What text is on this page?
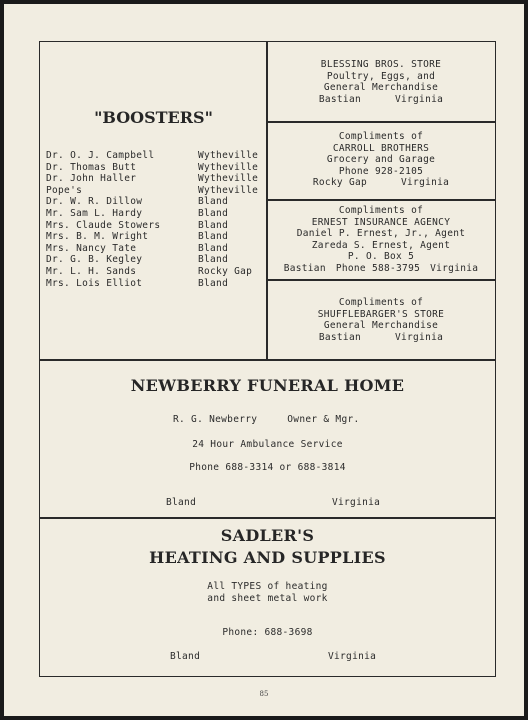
"BOOSTERS"
Dr. O. J. Campbell	Wytheville
Dr. Thomas Butt	Wytheville
Dr. John Haller	Wytheville
Pope's	Wytheville
Dr. W. R. Dillow	Bland
Mr. Sam L. Hardy	Bland
Mrs. Claude Stowers	Bland
Mrs. B. M. Wright	Bland
Mrs. Nancy Tate	Bland
Dr. G. B. Kegley	Bland
Mr. L. H. Sands	Rocky Gap
Mrs. Lois Elliot	Bland
BLESSING BROS. STORE
Poultry, Eggs, and
General Merchandise
Bastian	Virginia
Compliments of
CARROLL BROTHERS
Grocery and Garage
Phone 928-2105
Rocky Gap	Virginia
Compliments of
ERNEST INSURANCE AGENCY
Daniel P. Ernest, Jr., Agent
Zareda S. Ernest, Agent
P. O. Box 5
Bastian Phone 588-3795 Virginia
Compliments of
SHUFFLEBARGER'S STORE
General Merchandise
Bastian	Virginia
NEWBERRY FUNERAL HOME
R. G. Newberry	Owner & Mgr.
24 Hour Ambulance Service
Phone 688-3314 or 688-3814
Bland	Virginia
SADLER'S
HEATING AND SUPPLIES
All TYPES of heating
and sheet metal work
Phone: 688-3698
Bland	Virginia
85
